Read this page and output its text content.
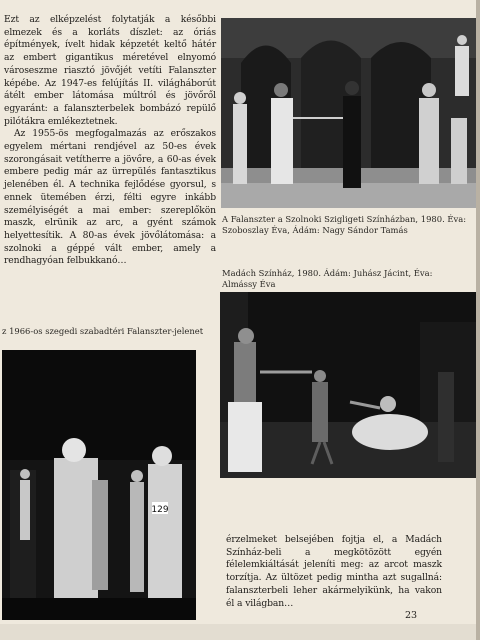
Ezt az elképzelést folytatják a későbbi elmezek és a korláts díszlet: az óriás építmények, ívelt hidak képzetét keltő hátér az embert gigantikus méretével elnyomó városeszme riasztó jövőjét vetíti Falanszter képébe. Az 1947-es felújítás II. világháborút átélt ember látomása múltról és jövőről egyaránt: a falanszterbelek bombázó repülő pilótákra emlékeztetnek.

Az 1955-ös megfogalmazás az erőszakos egyelem mértani rendjével az 50-es évek szorongásait vetítherre a jövőre, a 60-as évek embere pedig már az ürrepülés fantasztikus jelenében él. A technika fejlődése gyorsul, s ennek ütemében érzi, félti egyre inkább személyiségét a mai ember: szereplőkön maszk, elrünik az arc, a gyént számok helyettesítik. A 80-as évek jövőlátomása: a szolnoki a géppé vált ember, amely a rendhagyóan felbukkanó…

A Falanszter a Szolnoki Szigligeti Színházban, 1980. Éva: Szoboszlay Éva, Ádám: Nagy Sándor Tamás
Madách Színház, 1980. Ádám: Juhász Jácint, Éva: Almássy Éva
z 1966-os szegedi szabadtéri Falanszter-jelenet
129
érzelmeket belsejében fojtja el, a Madách Színház-beli a megkötözött egyén félelemkiáltását jeleníti meg: az arcot maszk torzítja. Az ültözet pedig mintha azt sugallná: falanszterbeli leher akármelyikünk, ha vakon él a világban…
23
